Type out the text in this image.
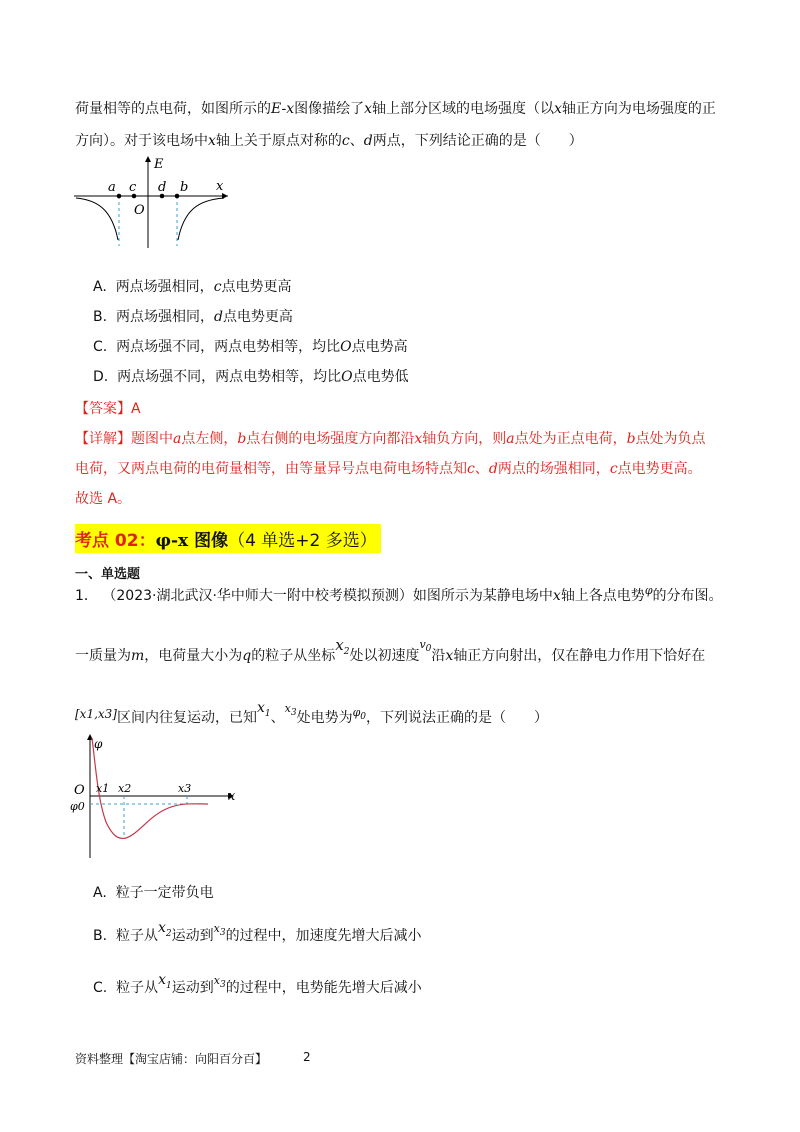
荷量相等的点电荷，如图所示的E-x图像描绘了x轴上部分区域的电场强度（以x轴正方向为电场强度的正
方向）。对于该电场中x轴上关于原点对称的c、d两点，下列结论正确的是（　　）
E
x
O
a c d b
A. 两点场强相同，c点电势更高
B. 两点场强相同，d点电势更高
C. 两点场强不同，两点电势相等，均比O点电势高
D. 两点场强不同，两点电势相等，均比O点电势低
【答案】A
【详解】题图中a点左侧，b点右侧的电场强度方向都沿x轴负方向，则a点处为正点电荷，b点处为负点
电荷，又两点电荷的电荷量相等，由等量异号点电荷电场特点知c、d两点的场强相同，c点电势更高。
故选 A。
考点 02：φ-x 图像（4 单选+2 多选）
一、单选题
1． （2023·湖北武汉·华中师大一附中校考模拟预测）如图所示为某静电场中x轴上各点电势$^\varphi$的分布图。
一质量为m，电荷量大小为q的粒子从坐标$x_2$处以初速度$^{v_0}$沿x轴正方向射出，仅在静电力作用下恰好在
[x1,x3]区间内往复运动，已知$x_1$、$^{x_3}$处电势为$^{\varphi_0}$，下列说法正确的是（　　）
φ
x
O x1 x2	x3
φ0
A. 粒子一定带负电
B. 粒子从$x_2$运动到$^{x_3}$的过程中，加速度先增大后减小
C. 粒子从$x_1$运动到$^{x_3}$的过程中，电势能先增大后减小
资料整理【淘宝店铺：向阳百分百】	2
